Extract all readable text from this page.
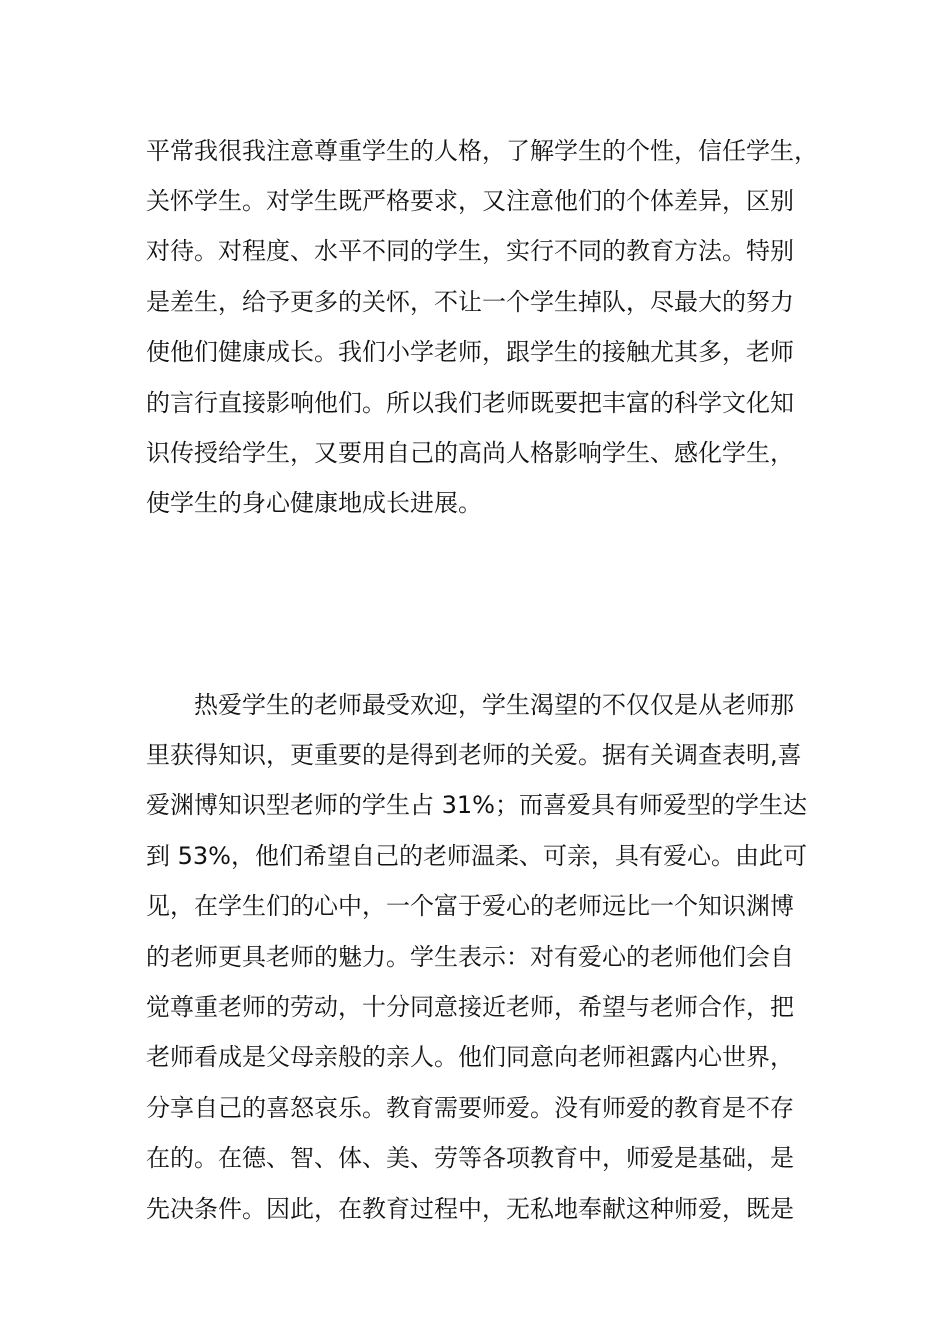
平常我很我注意尊重学生的人格，了解学生的个性，信任学生，
关怀学生。对学生既严格要求，又注意他们的个体差异，区别
对待。对程度、水平不同的学生，实行不同的教育方法。特别
是差生，给予更多的关怀，不让一个学生掉队，尽最大的努力
使他们健康成长。我们小学老师，跟学生的接触尤其多，老师
的言行直接影响他们。所以我们老师既要把丰富的科学文化知
识传授给学生，又要用自己的高尚人格影响学生、感化学生，
使学生的身心健康地成长进展。
热爱学生的老师最受欢迎，学生渴望的不仅仅是从老师那
里获得知识，更重要的是得到老师的关爱。据有关调查表明,喜
爱渊博知识型老师的学生占 31%；而喜爱具有师爱型的学生达
到 53%，他们希望自己的老师温柔、可亲，具有爱心。由此可
见，在学生们的心中，一个富于爱心的老师远比一个知识渊博
的老师更具老师的魅力。学生表示：对有爱心的老师他们会自
觉尊重老师的劳动，十分同意接近老师，希望与老师合作，把
老师看成是父母亲般的亲人。他们同意向老师袒露内心世界，
分享自己的喜怒哀乐。教育需要师爱。没有师爱的教育是不存
在的。在德、智、体、美、劳等各项教育中，师爱是基础，是
先决条件。因此，在教育过程中，无私地奉献这种师爱，既是
